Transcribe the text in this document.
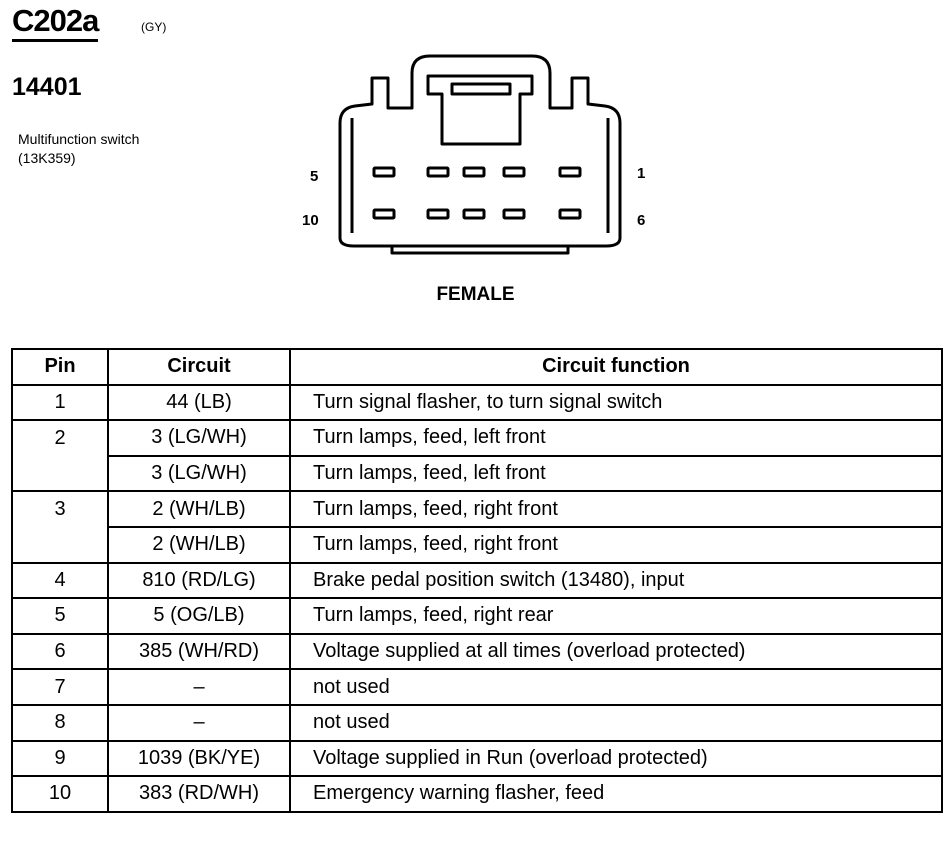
C202a	(GY)
14401
Multifunction switch
(13K359)
5
10
1
6
FEMALE
Pin	Circuit	Circuit function
1	44 (LB)	Turn signal flasher, to turn signal switch
2	3 (LG/WH)	Turn lamps, feed, left front
	3 (LG/WH)	Turn lamps, feed, left front
3	2 (WH/LB)	Turn lamps, feed, right front
	2 (WH/LB)	Turn lamps, feed, right front
4	810 (RD/LG)	Brake pedal position switch (13480), input
5	5 (OG/LB)	Turn lamps, feed, right rear
6	385 (WH/RD)	Voltage supplied at all times (overload protected)
7	–	not used
8	–	not used
9	1039 (BK/YE)	Voltage supplied in Run (overload protected)
10	383 (RD/WH)	Emergency warning flasher, feed
